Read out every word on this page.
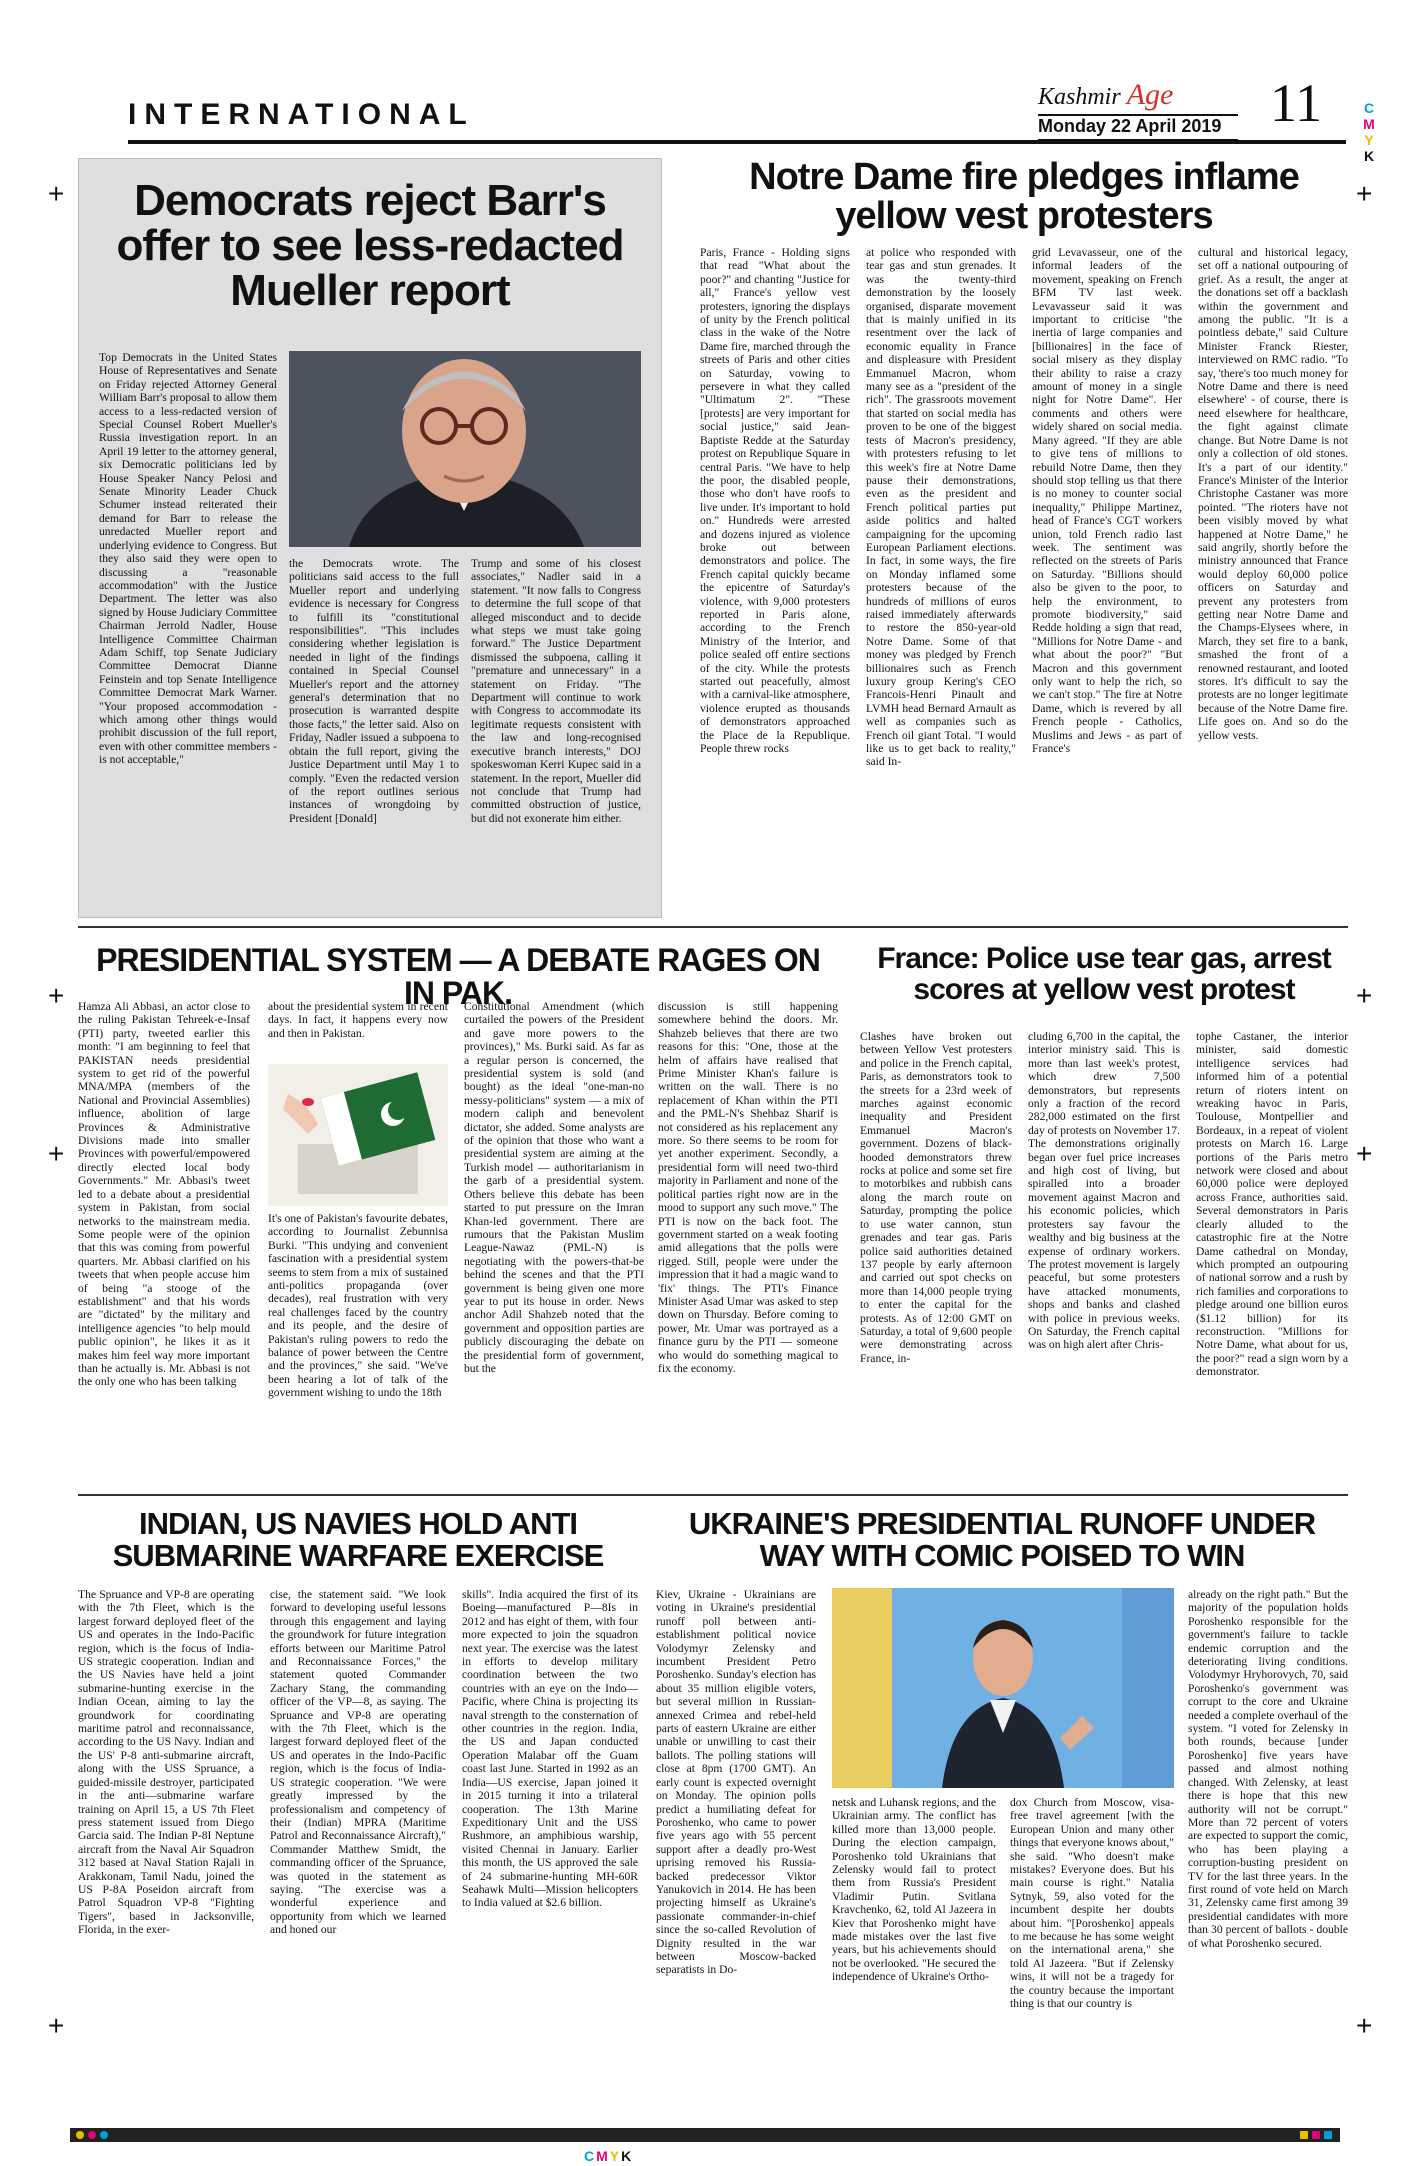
INTERNATIONAL
Kashmir Age
Monday 22 April 2019 11	C
M
Y
K
+	+
+	+
+	+
+	+
Democrats reject Barr's offer to see less-redacted Mueller report
Top Democrats in the United States House of Representatives and Senate on Friday rejected Attorney General William Barr's proposal to allow them access to a less-redacted version of Special Counsel Robert Mueller's Russia investigation report. In an April 19 letter to the attorney general, six Democratic politicians led by House Speaker Nancy Pelosi and Senate Minority Leader Chuck Schumer instead reiterated their demand for Barr to release the unredacted Mueller report and underlying evidence to Congress. But they also said they were open to discussing a "reasonable accommodation" with the Justice Department. The letter was also signed by House Judiciary Committee Chairman Jerrold Nadler, House Intelligence Committee Chairman Adam Schiff, top Senate Judiciary Committee Democrat Dianne Feinstein and top Senate Intelligence Committee Democrat Mark Warner. "Your proposed accommodation - which among other things would prohibit discussion of the full report, even with other committee members - is not acceptable,"
the Democrats wrote. The politicians said access to the full Mueller report and underlying evidence is necessary for Congress to fulfill its "constitutional responsibilities". "This includes considering whether legislation is needed in light of the findings contained in Special Counsel Mueller's report and the attorney general's determination that no prosecution is warranted despite those facts," the letter said. Also on Friday, Nadler issued a subpoena to obtain the full report, giving the Justice Department until May 1 to comply. "Even the redacted version of the report outlines serious instances of wrongdoing by President [Donald]
Trump and some of his closest associates," Nadler said in a statement. "It now falls to Congress to determine the full scope of that alleged misconduct and to decide what steps we must take going forward." The Justice Department dismissed the subpoena, calling it "premature and unnecessary" in a statement on Friday. "The Department will continue to work with Congress to accommodate its legitimate requests consistent with the law and long-recognised executive branch interests," DOJ spokeswoman Kerri Kupec said in a statement. In the report, Mueller did not conclude that Trump had committed obstruction of justice, but did not exonerate him either.
Notre Dame fire pledges inflame yellow vest protesters
Paris, France - Holding signs that read "What about the poor?" and chanting "Justice for all," France's yellow vest protesters, ignoring the displays of unity by the French political class in the wake of the Notre Dame fire, marched through the streets of Paris and other cities on Saturday, vowing to persevere in what they called "Ultimatum 2". "These [protests] are very important for social justice," said Jean-Baptiste Redde at the Saturday protest on Republique Square in central Paris. "We have to help the poor, the disabled people, those who don't have roofs to live under. It's important to hold on." Hundreds were arrested and dozens injured as violence broke out between demonstrators and police. The French capital quickly became the epicentre of Saturday's violence, with 9,000 protesters reported in Paris alone, according to the French Ministry of the Interior, and police sealed off entire sections of the city. While the protests started out peacefully, almost with a carnival-like atmosphere, violence erupted as thousands of demonstrators approached the Place de la Republique. People threw rocks
at police who responded with tear gas and stun grenades. It was the twenty-third demonstration by the loosely organised, disparate movement that is mainly unified in its resentment over the lack of economic equality in France and displeasure with President Emmanuel Macron, whom many see as a "president of the rich". The grassroots movement that started on social media has proven to be one of the biggest tests of Macron's presidency, with protesters refusing to let this week's fire at Notre Dame pause their demonstrations, even as the president and French political parties put aside politics and halted campaigning for the upcoming European Parliament elections. In fact, in some ways, the fire on Monday inflamed some protesters because of the hundreds of millions of euros raised immediately afterwards to restore the 850-year-old Notre Dame. Some of that money was pledged by French billionaires such as French luxury group Kering's CEO Francois-Henri Pinault and LVMH head Bernard Arnault as well as companies such as French oil giant Total. "I would like us to get back to reality," said In-
grid Levavasseur, one of the informal leaders of the movement, speaking on French BFM TV last week. Levavasseur said it was important to criticise "the inertia of large companies and [billionaires] in the face of social misery as they display their ability to raise a crazy amount of money in a single night for Notre Dame". Her comments and others were widely shared on social media. Many agreed. "If they are able to give tens of millions to rebuild Notre Dame, then they should stop telling us that there is no money to counter social inequality," Philippe Martinez, head of France's CGT workers union, told French radio last week. The sentiment was reflected on the streets of Paris on Saturday. "Billions should also be given to the poor, to help the environment, to promote biodiversity," said Redde holding a sign that read, "Millions for Notre Dame - and what about the poor?" "But Macron and this government only want to help the rich, so we can't stop." The fire at Notre Dame, which is revered by all French people - Catholics, Muslims and Jews - as part of France's
cultural and historical legacy, set off a national outpouring of grief. As a result, the anger at the donations set off a backlash within the government and among the public. "It is a pointless debate," said Culture Minister Franck Riester, interviewed on RMC radio. "To say, 'there's too much money for Notre Dame and there is need elsewhere' - of course, there is need elsewhere for healthcare, the fight against climate change. But Notre Dame is not only a collection of old stones. It's a part of our identity." France's Minister of the Interior Christophe Castaner was more pointed. "The rioters have not been visibly moved by what happened at Notre Dame," he said angrily, shortly before the ministry announced that France would deploy 60,000 police officers on Saturday and prevent any protesters from getting near Notre Dame and the Champs-Elysees where, in March, they set fire to a bank, smashed the front of a renowned restaurant, and looted stores. It's difficult to say the protests are no longer legitimate because of the Notre Dame fire. Life goes on. And so do the yellow vests.
PRESIDENTIAL SYSTEM — A DEBATE RAGES ON IN PAK.
Hamza Ali Abbasi, an actor close to the ruling Pakistan Tehreek-e-Insaf (PTI) party, tweeted earlier this month: "I am beginning to feel that PAKISTAN needs presidential system to get rid of the powerful MNA/MPA (members of the National and Provincial Assemblies) influence, abolition of large Provinces & Administrative Divisions made into smaller Provinces with powerful/empowered directly elected local body Governments." Mr. Abbasi's tweet led to a debate about a presidential system in Pakistan, from social networks to the mainstream media. Some people were of the opinion that this was coming from powerful quarters. Mr. Abbasi clarified on his tweets that when people accuse him of being "a stooge of the establishment" and that his words are "dictated" by the military and intelligence agencies "to help mould public opinion", he likes it as it makes him feel way more important than he actually is. Mr. Abbasi is not the only one who has been talking
about the presidential system in recent days. In fact, it happens every now and then in Pakistan.
It's one of Pakistan's favourite debates, according to Journalist Zebunnisa Burki. "This undying and convenient fascination with a presidential system seems to stem from a mix of sustained anti-politics propaganda (over decades), real frustration with very real challenges faced by the country and its people, and the desire of Pakistan's ruling powers to redo the balance of power between the Centre and the provinces," she said. "We've been hearing a lot of talk of the government wishing to undo the 18th
Constitutional Amendment (which curtailed the powers of the President and gave more powers to the provinces)," Ms. Burki said. As far as a regular person is concerned, the presidential system is sold (and bought) as the ideal "one-man-no messy-politicians" system — a mix of modern caliph and benevolent dictator, she added. Some analysts are of the opinion that those who want a presidential system are aiming at the Turkish model — authoritarianism in the garb of a presidential system. Others believe this debate has been started to put pressure on the Imran Khan-led government. There are rumours that the Pakistan Muslim League-Nawaz (PML-N) is negotiating with the powers-that-be behind the scenes and that the PTI government is being given one more year to put its house in order. News anchor Adil Shahzeb noted that the government and opposition parties are publicly discouraging the debate on the presidential form of government, but the
discussion is still happening somewhere behind the doors. Mr. Shahzeb believes that there are two reasons for this: "One, those at the helm of affairs have realised that Prime Minister Khan's failure is written on the wall. There is no replacement of Khan within the PTI and the PML-N's Shehbaz Sharif is not considered as his replacement any more. So there seems to be room for yet another experiment. Secondly, a presidential form will need two-third majority in Parliament and none of the political parties right now are in the mood to support any such move." The PTI is now on the back foot. The government started on a weak footing amid allegations that the polls were rigged. Still, people were under the impression that it had a magic wand to 'fix' things. The PTI's Finance Minister Asad Umar was asked to step down on Thursday. Before coming to power, Mr. Umar was portrayed as a finance guru by the PTI — someone who would do something magical to fix the economy.
France: Police use tear gas, arrest scores at yellow vest protest
Clashes have broken out between Yellow Vest protesters and police in the French capital, Paris, as demonstrators took to the streets for a 23rd week of marches against economic inequality and President Emmanuel Macron's government. Dozens of black-hooded demonstrators threw rocks at police and some set fire to motorbikes and rubbish cans along the march route on Saturday, prompting the police to use water cannon, stun grenades and tear gas. Paris police said authorities detained 137 people by early afternoon and carried out spot checks on more than 14,000 people trying to enter the capital for the protests. As of 12:00 GMT on Saturday, a total of 9,600 people were demonstrating across France, in-
cluding 6,700 in the capital, the interior ministry said. This is more than last week's protest, which drew 7,500 demonstrators, but represents only a fraction of the record 282,000 estimated on the first day of protests on November 17. The demonstrations originally began over fuel price increases and high cost of living, but spiralled into a broader movement against Macron and his economic policies, which protesters say favour the wealthy and big business at the expense of ordinary workers. The protest movement is largely peaceful, but some protesters have attacked monuments, shops and banks and clashed with police in previous weeks. On Saturday, the French capital was on high alert after Chris-
tophe Castaner, the interior minister, said domestic intelligence services had informed him of a potential return of rioters intent on wreaking havoc in Paris, Toulouse, Montpellier and Bordeaux, in a repeat of violent protests on March 16. Large portions of the Paris metro network were closed and about 60,000 police were deployed across France, authorities said. Several demonstrators in Paris clearly alluded to the catastrophic fire at the Notre Dame cathedral on Monday, which prompted an outpouring of national sorrow and a rush by rich families and corporations to pledge around one billion euros ($1.12 billion) for its reconstruction. "Millions for Notre Dame, what about for us, the poor?" read a sign worn by a demonstrator.
INDIAN, US NAVIES HOLD ANTI SUBMARINE WARFARE EXERCISE
The Spruance and VP-8 are operating with the 7th Fleet, which is the largest forward deployed fleet of the US and operates in the Indo-Pacific region, which is the focus of India-US strategic cooperation. Indian and the US Navies have held a joint submarine-hunting exercise in the Indian Ocean, aiming to lay the groundwork for coordinating maritime patrol and reconnaissance, according to the US Navy. Indian and the US' P-8 anti-submarine aircraft, along with the USS Spruance, a guided-missile destroyer, participated in the anti—submarine warfare training on April 15, a US 7th Fleet press statement issued from Diego Garcia said. The Indian P-8I Neptune aircraft from the Naval Air Squadron 312 based at Naval Station Rajali in Arakkonam, Tamil Nadu, joined the US P-8A Poseidon aircraft from Patrol Squadron VP-8 "Fighting Tigers", based in Jacksonville, Florida, in the exer-
cise, the statement said. "We look forward to developing useful lessons through this engagement and laying the groundwork for future integration efforts between our Maritime Patrol and Reconnaissance Forces," the statement quoted Commander Zachary Stang, the commanding officer of the VP—8, as saying. The Spruance and VP-8 are operating with the 7th Fleet, which is the largest forward deployed fleet of the US and operates in the Indo-Pacific region, which is the focus of India-US strategic cooperation. "We were greatly impressed by the professionalism and competency of their (Indian) MPRA (Maritime Patrol and Reconnaissance Aircraft)," Commander Matthew Smidt, the commanding officer of the Spruance, was quoted in the statement as saying. "The exercise was a wonderful experience and opportunity from which we learned and honed our
skills". India acquired the first of its Boeing—manufactured P—8Is in 2012 and has eight of them, with four more expected to join the squadron next year. The exercise was the latest in efforts to develop military coordination between the two countries with an eye on the Indo—Pacific, where China is projecting its naval strength to the consternation of other countries in the region. India, the US and Japan conducted Operation Malabar off the Guam coast last June. Started in 1992 as an India—US exercise, Japan joined it in 2015 turning it into a trilateral cooperation. The 13th Marine Expeditionary Unit and the USS Rushmore, an amphibious warship, visited Chennai in January. Earlier this month, the US approved the sale of 24 submarine-hunting MH-60R Seahawk Multi—Mission helicopters to India valued at $2.6 billion.
UKRAINE'S PRESIDENTIAL RUNOFF UNDER WAY WITH COMIC POISED TO WIN
Kiev, Ukraine - Ukrainians are voting in Ukraine's presidential runoff poll between anti-establishment political novice Volodymyr Zelensky and incumbent President Petro Poroshenko. Sunday's election has about 35 million eligible voters, but several million in Russian-annexed Crimea and rebel-held parts of eastern Ukraine are either unable or unwilling to cast their ballots. The polling stations will close at 8pm (1700 GMT). An early count is expected overnight on Monday. The opinion polls predict a humiliating defeat for Poroshenko, who came to power five years ago with 55 percent support after a deadly pro-West uprising removed his Russia-backed predecessor Viktor Yanukovich in 2014. He has been projecting himself as Ukraine's passionate commander-in-chief since the so-called Revolution of Dignity resulted in the war between Moscow-backed separatists in Do-
netsk and Luhansk regions, and the Ukrainian army. The conflict has killed more than 13,000 people. During the election campaign, Poroshenko told Ukrainians that Zelensky would fail to protect them from Russia's President Vladimir Putin. Svitlana Kravchenko, 62, told Al Jazeera in Kiev that Poroshenko might have made mistakes over the last five years, but his achievements should not be overlooked. "He secured the independence of Ukraine's Ortho-
dox Church from Moscow, visa-free travel agreement [with the European Union and many other things that everyone knows about," she said. "Who doesn't make mistakes? Everyone does. But his main course is right." Natalia Sytnyk, 59, also voted for the incumbent despite her doubts about him. "[Poroshenko] appeals to me because he has some weight on the international arena," she told Al Jazeera. "But if Zelensky wins, it will not be a tragedy for the country because the important thing is that our country is
already on the right path." But the majority of the population holds Poroshenko responsible for the government's failure to tackle endemic corruption and the deteriorating living conditions. Volodymyr Hryhorovych, 70, said Poroshenko's government was corrupt to the core and Ukraine needed a complete overhaul of the system. "I voted for Zelensky in both rounds, because [under Poroshenko] five years have passed and almost nothing changed. With Zelensky, at least there is hope that this new authority will not be corrupt." More than 72 percent of voters are expected to support the comic, who has been playing a corruption-busting president on TV for the last three years. In the first round of vote held on March 31, Zelensky came first among 39 presidential candidates with more than 30 percent of ballots - double of what Poroshenko secured.
CMYK
